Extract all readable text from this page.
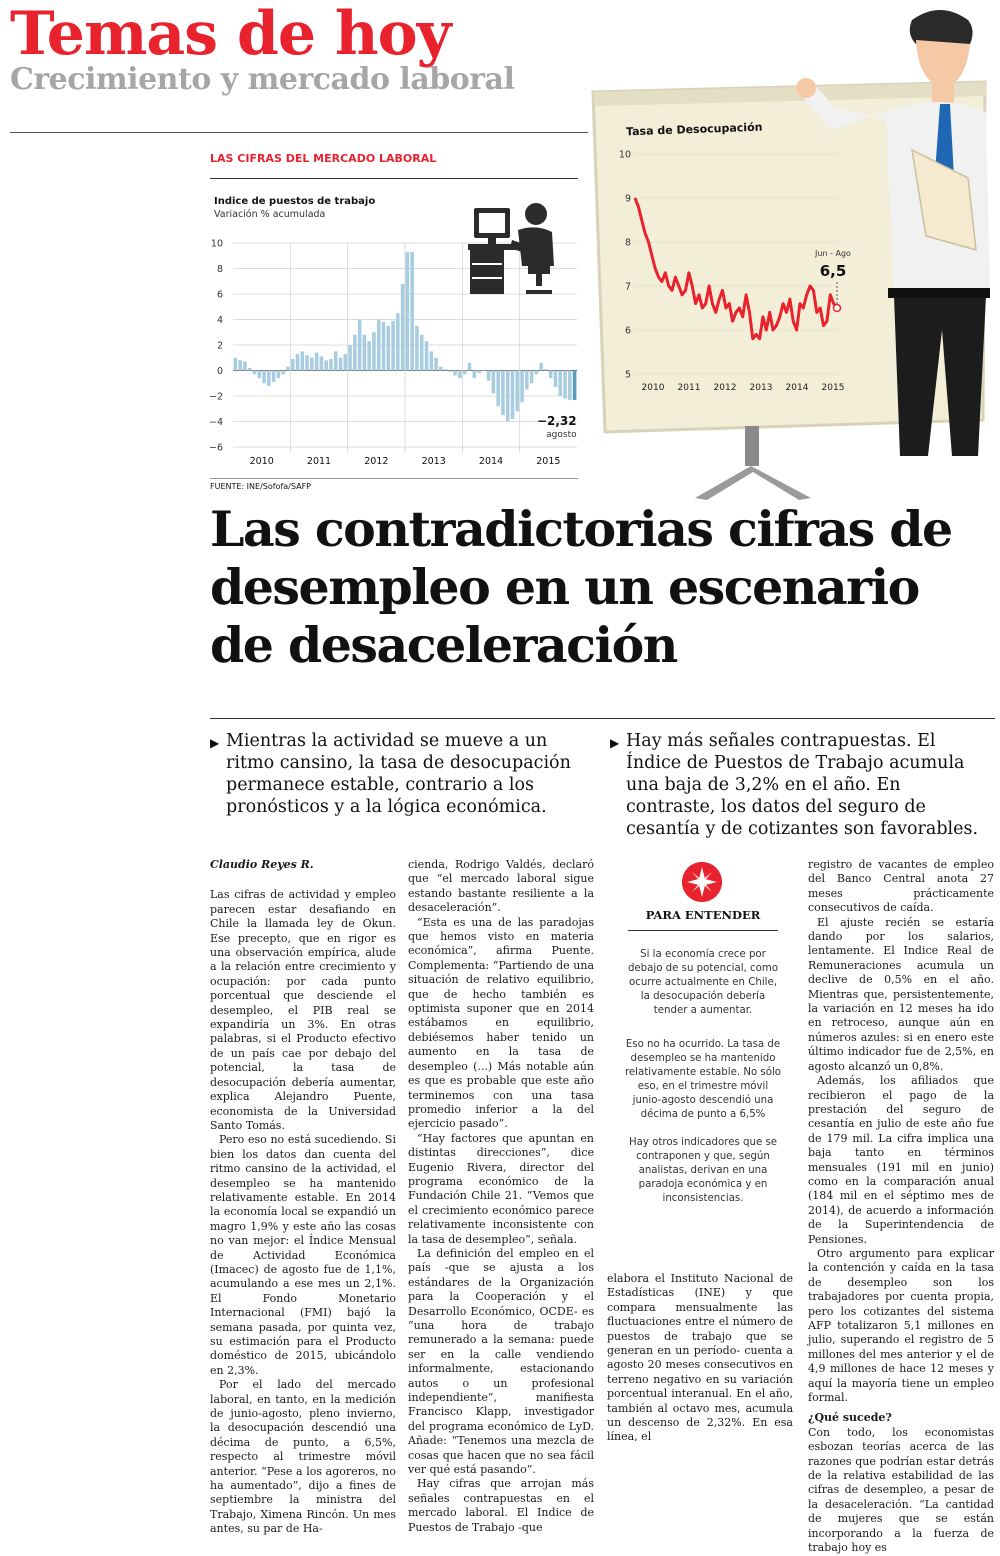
Temas de hoy
Crecimiento y mercado laboral
LAS CIFRAS DEL MERCADO LABORAL
Indice de puestos de trabajo
Variación % acumulada
10
8
6
4
2
0
−2
−4
−6
2010	2011	2012	2013	2014	2015
−2,32
agosto
FUENTE: INE/Sofofa/SAFP
Tasa de Desocupación
10
9
8
7
6
5
Jun - Ago
6,5
2010 2011 2012 2013 2014 2015
Las contradictorias cifras de desempleo en un escenario de desaceleración
▶ Mientras la actividad se mueve a un ritmo cansino, la tasa de desocupación permanece estable, contrario a los pronósticos y a la lógica económica.
▶ Hay más señales contrapuestas. El Índice de Puestos de Trabajo acumula una baja de 3,2% en el año. En contraste, los datos del seguro de cesantía y de cotizantes son favorables.

Claudio Reyes R.

Las cifras de actividad y empleo parecen estar desafiando en Chile la llamada ley de Okun. Ese precepto, que en rigor es una observación empírica, alude a la relación entre crecimiento y ocupación: por cada punto porcentual que desciende el desempleo, el PIB real se expandiría un 3%. En otras palabras, si el Producto efectivo de un país cae por debajo del potencial, la tasa de desocupación debería aumentar, explica Alejandro Puente, economista de la Universidad Santo Tomás.

Pero eso no está sucediendo. Si bien los datos dan cuenta del ritmo cansino de la actividad, el desempleo se ha mantenido relativamente estable. En 2014 la economía local se expandió un magro 1,9% y este año las cosas no van mejor: el Índice Mensual de Actividad Económica (Imacec) de agosto fue de 1,1%, acumulando a ese mes un 2,1%. El Fondo Monetario Internacional (FMI) bajó la semana pasada, por quinta vez, su estimación para el Producto doméstico de 2015, ubicándolo en 2,3%.

Por el lado del mercado laboral, en tanto, en la medición de junio-agosto, pleno invierno, la desocupación descendió una décima de punto, a 6,5%, respecto al trimestre móvil anterior. “Pese a los agoreros, no ha aumentado”, dijo a fines de septiembre la ministra del Trabajo, Ximena Rincón. Un mes antes, su par de Ha-

cienda, Rodrigo Valdés, declaró que “el mercado laboral sigue estando bastante resiliente a la desaceleración”.

“Esta es una de las paradojas que hemos visto en materia económica”, afirma Puente. Complementa: “Partiendo de una situación de relativo equilibrio, que de hecho también es optimista suponer que en 2014 estábamos en equilibrio, debiésemos haber tenido un aumento en la tasa de desempleo (...) Más notable aún es que es probable que este año terminemos con una tasa promedio inferior a la del ejercicio pasado”.

“Hay factores que apuntan en distintas direcciones”, dice Eugenio Rivera, director del programa económico de la Fundación Chile 21. “Vemos que el crecimiento económico parece relativamente inconsistente con la tasa de desempleo”, señala.

La definición del empleo en el país -que se ajusta a los estándares de la Organización para la Cooperación y el Desarrollo Económico, OCDE- es “una hora de trabajo remunerado a la semana: puede ser en la calle vendiendo informalmente, estacionando autos o un profesional independiente”, manifiesta Francisco Klapp, investigador del programa económico de LyD. Añade: “Tenemos una mezcla de cosas que hacen que no sea fácil ver qué está pasando”.

Hay cifras que arrojan más señales contrapuestas en el mercado laboral. El Indice de Puestos de Trabajo -que

PARA ENTENDER

Si la economía crece por debajo de su potencial, como ocurre actualmente en Chile, la desocupación debería tender a aumentar.

Eso no ha ocurrido. La tasa de desempleo se ha mantenido relativamente estable. No sólo eso, en el trimestre móvil junio-agosto descendió una décima de punto a 6,5%

Hay otros indicadores que se contraponen y que, según analistas, derivan en una paradoja económica y en inconsistencias.

elabora el Instituto Nacional de Estadísticas (INE) y que compara mensualmente las fluctuaciones entre el número de puestos de trabajo que se generan en un período- cuenta a agosto 20 meses consecutivos en terreno negativo en su variación porcentual interanual. En el año, también al octavo mes, acumula un descenso de 2,32%. En esa línea, el

registro de vacantes de empleo del Banco Central anota 27 meses prácticamente consecutivos de caída.

El ajuste recién se estaría dando por los salarios, lentamente. El Indice Real de Remuneraciones acumula un declive de 0,5% en el año. Mientras que, persistentemente, la variación en 12 meses ha ido en retroceso, aunque aún en números azules: si en enero este último indicador fue de 2,5%, en agosto alcanzó un 0,8%.

Además, los afiliados que recibieron el pago de la prestación del seguro de cesantía en julio de este año fue de 179 mil. La cifra implica una baja tanto en términos mensuales (191 mil en junio) como en la comparación anual (184 mil en el séptimo mes de 2014), de acuerdo a información de la Superintendencia de Pensiones.

Otro argumento para explicar la contención y caída en la tasa de desempleo son los trabajadores por cuenta propia, pero los cotizantes del sistema AFP totalizaron 5,1 millones en julio, superando el registro de 5 millones del mes anterior y el de 4,9 millones de hace 12 meses y aquí la mayoría tiene un empleo formal.

¿Qué sucede?

Con todo, los economistas esbozan teorías acerca de las razones que podrían estar detrás de la relativa estabilidad de las cifras de desempleo, a pesar de la desaceleración. “La cantidad de mujeres que se están incorporando a la fuerza de trabajo hoy es
